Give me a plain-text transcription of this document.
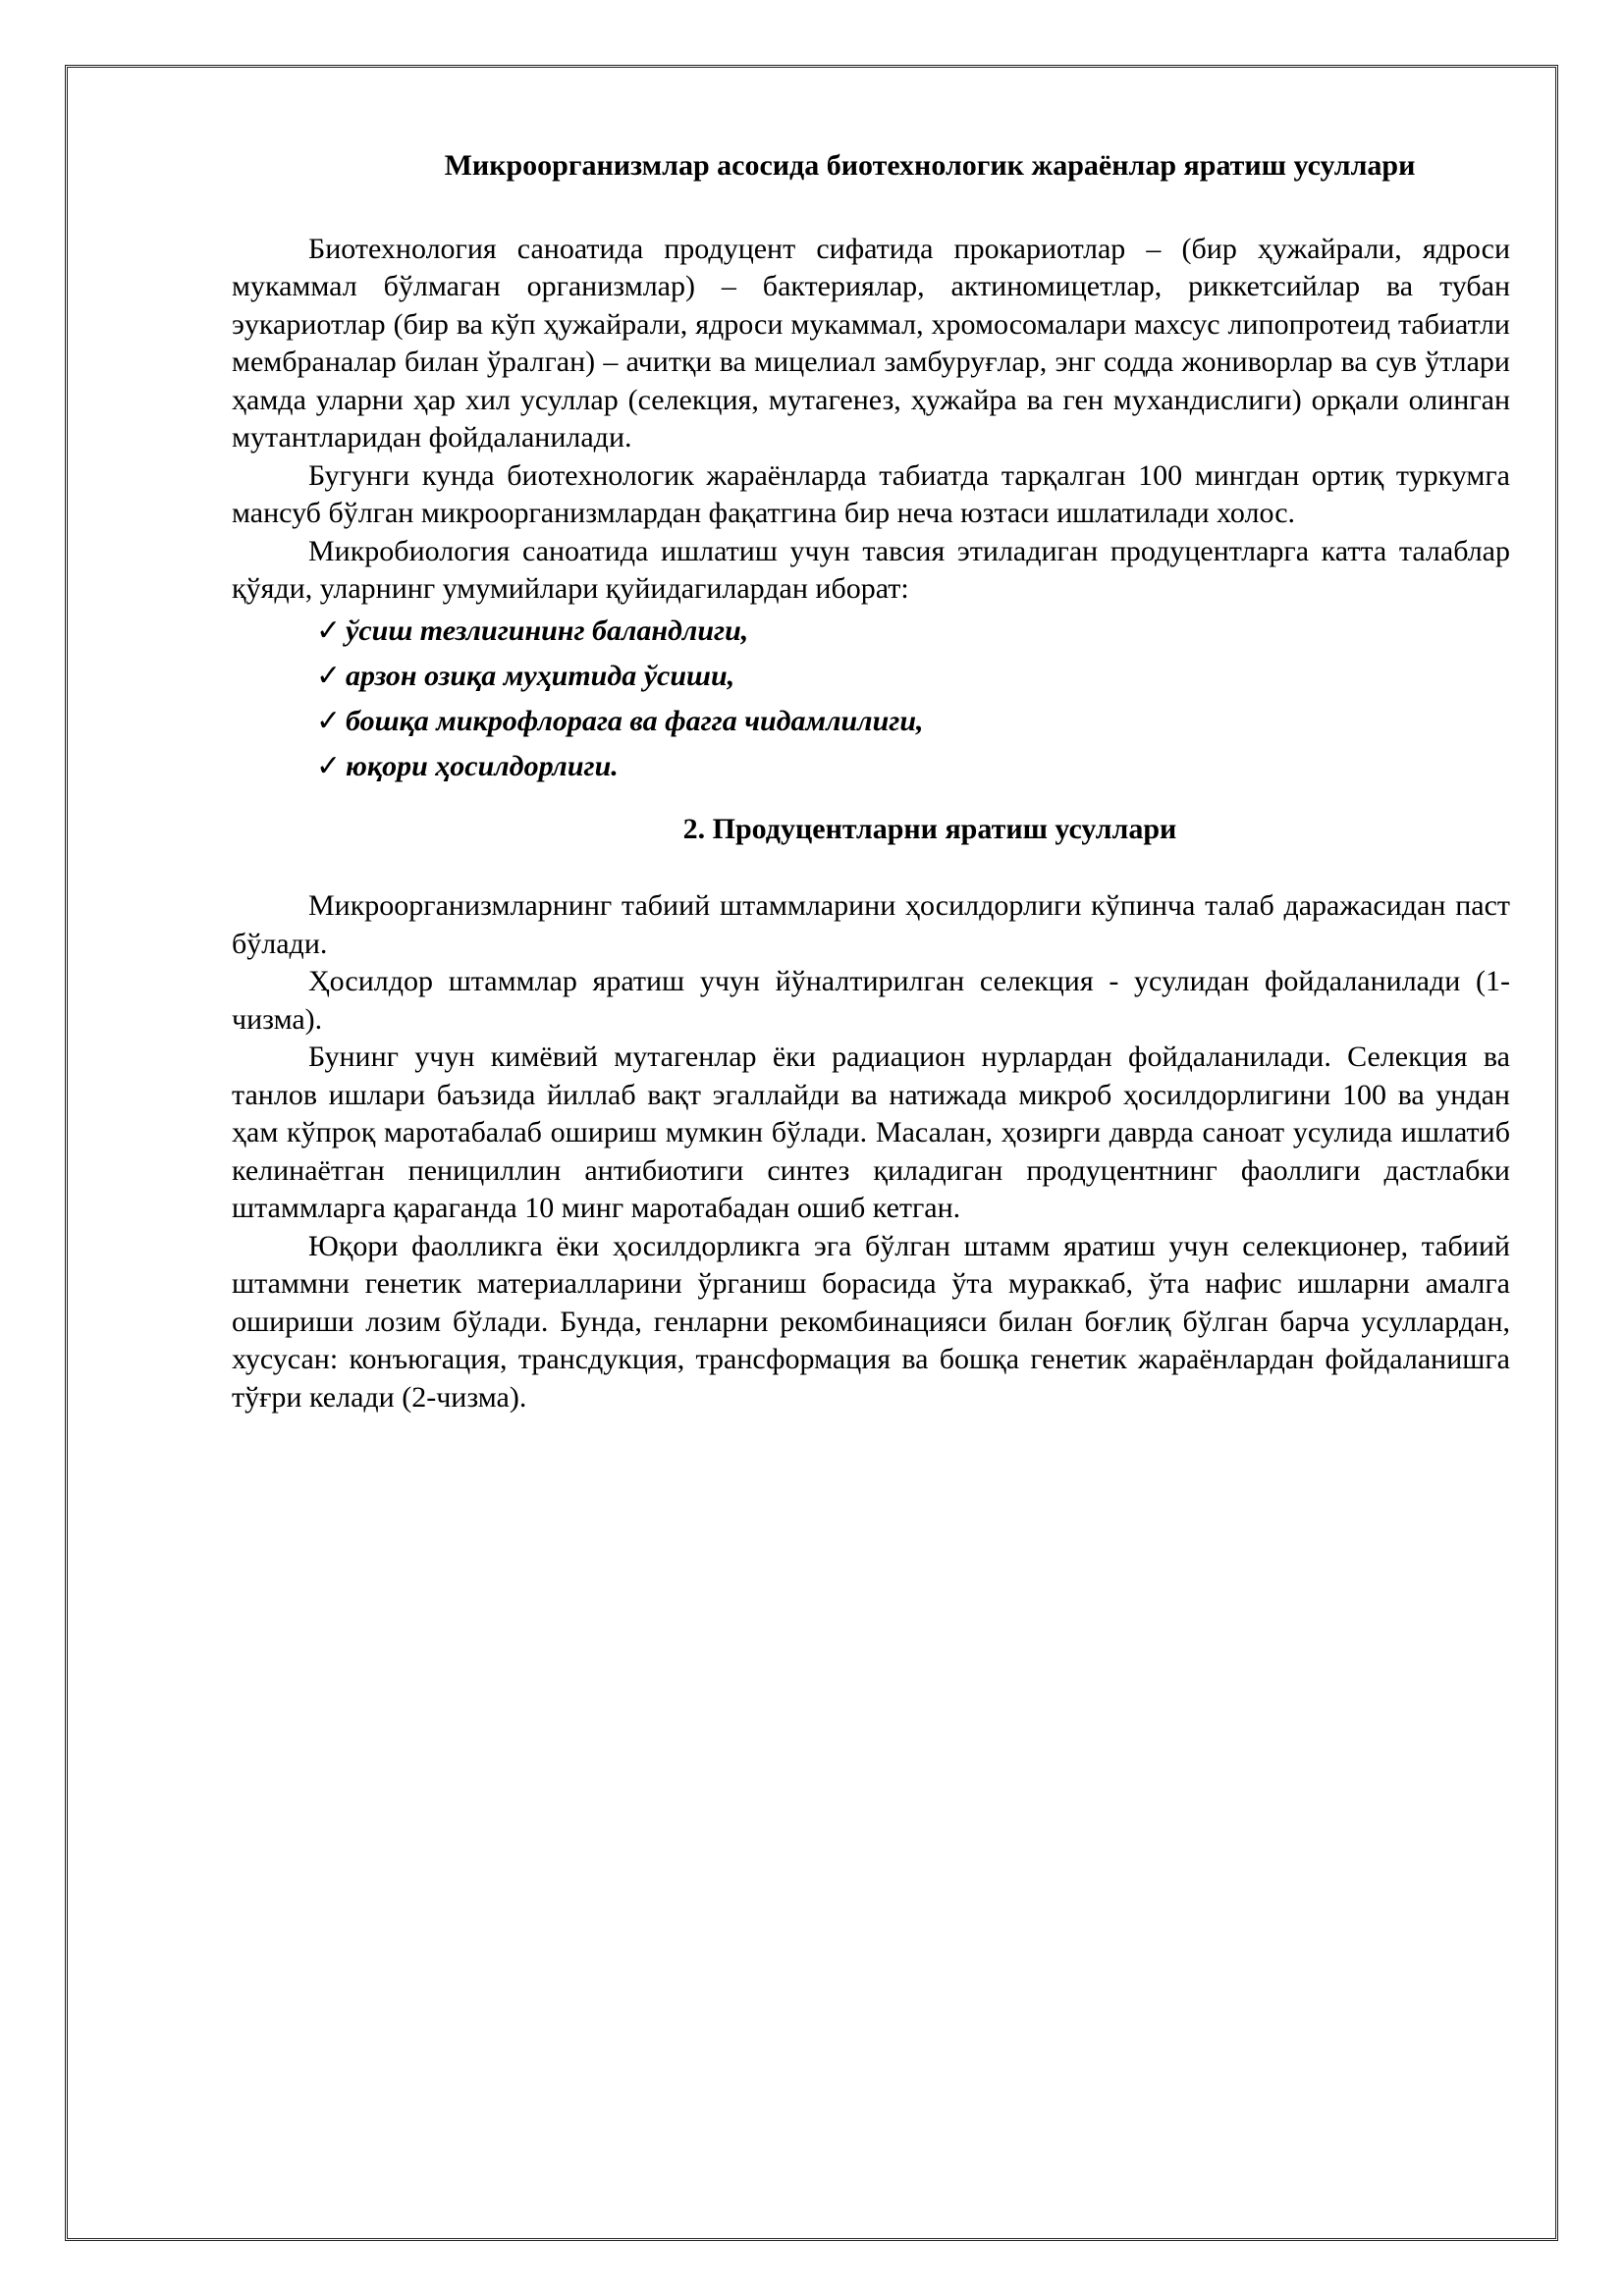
Микроорганизмлар асосида биотехнологик жараёнлар яратиш усуллари

Биотехнология саноатида продуцент сифатида прокариотлар – (бир ҳужайрали, ядроси мукаммал бўлмаган организмлар) – бактериялар, актиномицетлар, риккетсийлар ва тубан эукариотлар (бир ва кўп ҳужайрали, ядроси мукаммал, хромосомалари махсус липопротеид табиатли мембраналар билан ўралган) – ачитқи ва мицелиал замбуруғлар, энг содда жониворлар ва сув ўтлари ҳамда уларни ҳар хил усуллар (селекция, мутагенез, ҳужайра ва ген мухандислиги) орқали олинган мутантларидан фойдаланилади.

Бугунги кунда биотехнологик жараёнларда табиатда тарқалган 100 мингдан ортиқ туркумга мансуб бўлган микроорганизмлардан фақатгина бир неча юзтаси ишлатилади холос.

Микробиология саноатида ишлатиш учун тавсия этиладиган продуцентларга катта талаблар қўяди, уларнинг умумийлари қуйидагилардан иборат:

✓ ўсиш тезлигининг баландлиги,
✓ арзон озиқа муҳитида ўсиши,
✓ бошқа микрофлорага ва фагга чидамлилиги,
✓ юқори ҳосилдорлиги.
2. Продуцентларни яратиш усуллари

Микроорганизмларнинг табиий штаммларини ҳосилдорлиги кўпинча талаб даражасидан паст бўлади.

Ҳосилдор штаммлар яратиш учун йўналтирилган селекция - усулидан фойдаланилади (1-чизма).

Бунинг учун кимёвий мутагенлар ёки радиацион нурлардан фойдаланилади. Селекция ва танлов ишлари баъзида йиллаб вақт эгаллайди ва натижада микроб ҳосилдорлигини 100 ва ундан ҳам кўпроқ маротабалаб ошириш мумкин бўлади. Масалан, ҳозирги даврда саноат усулида ишлатиб келинаётган пенициллин антибиотиги синтез қиладиган продуцентнинг фаоллиги дастлабки штаммларга қараганда 10 минг маротабадан ошиб кетган.

Юқори фаолликга ёки ҳосилдорликга эга бўлган штамм яратиш учун селекционер, табиий штаммни генетик материалларини ўрганиш борасида ўта мураккаб, ўта нафис ишларни амалга ошириши лозим бўлади. Бунда, генларни рекомбинацияси билан боғлиқ бўлган барча усуллардан, хусусан: конъюгация, трансдукция, трансформация ва бошқа генетик жараёнлардан фойдаланишга тўғри келади (2-чизма).
